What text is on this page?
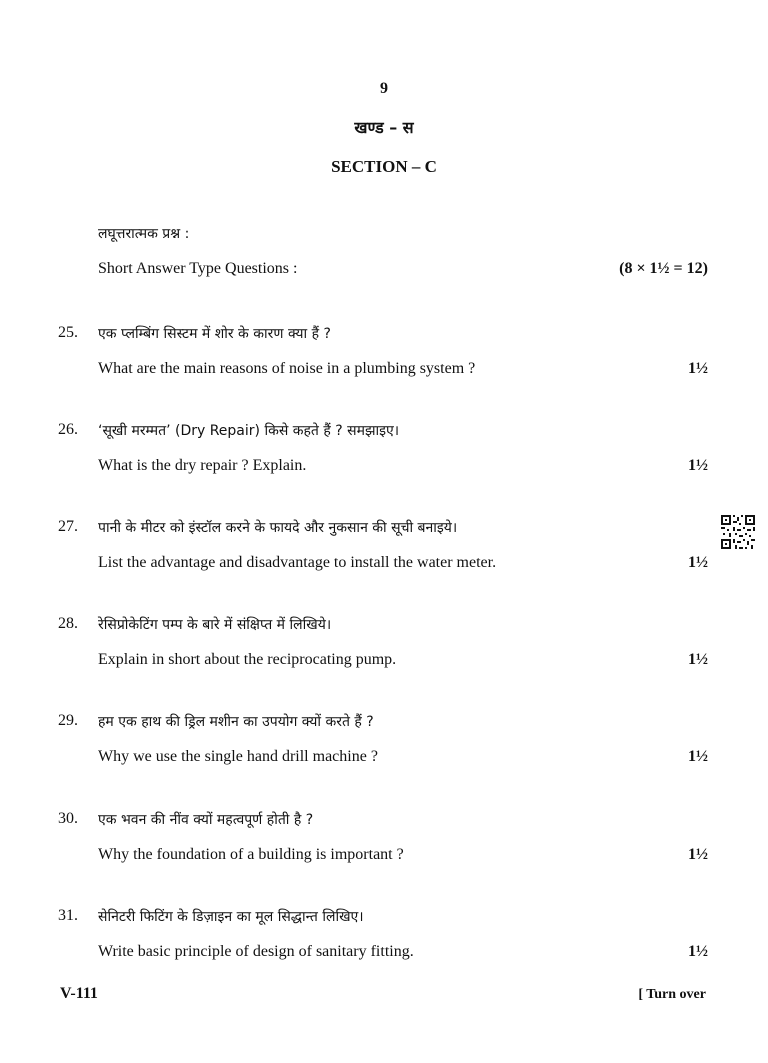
9
खण्ड – स
SECTION – C
लघूत्तरात्मक प्रश्न :
Short Answer Type Questions :	(8 × 1½ = 12)
25. एक प्लम्बिंग सिस्टम में शोर के कारण क्या हैं ?
What are the main reasons of noise in a plumbing system ?	1½
26. ‘सूखी मरम्मत’ (Dry Repair) किसे कहते हैं ? समझाइए।
What is the dry repair ? Explain.	1½
27. पानी के मीटर को इंस्टॉल करने के फायदे और नुकसान की सूची बनाइये।
List the advantage and disadvantage to install the water meter.	1½
28. रेसिप्रोकेटिंग पम्प के बारे में संक्षिप्त में लिखिये।
Explain in short about the reciprocating pump.	1½
29. हम एक हाथ की ड्रिल मशीन का उपयोग क्यों करते हैं ?
Why we use the single hand drill machine ?	1½
30. एक भवन की नींव क्यों महत्वपूर्ण होती है ?
Why the foundation of a building is important ?	1½
31. सेनिटरी फिटिंग के डिज़ाइन का मूल सिद्धान्त लिखिए।
Write basic principle of design of sanitary fitting.	1½
V-111	[ Turn over
